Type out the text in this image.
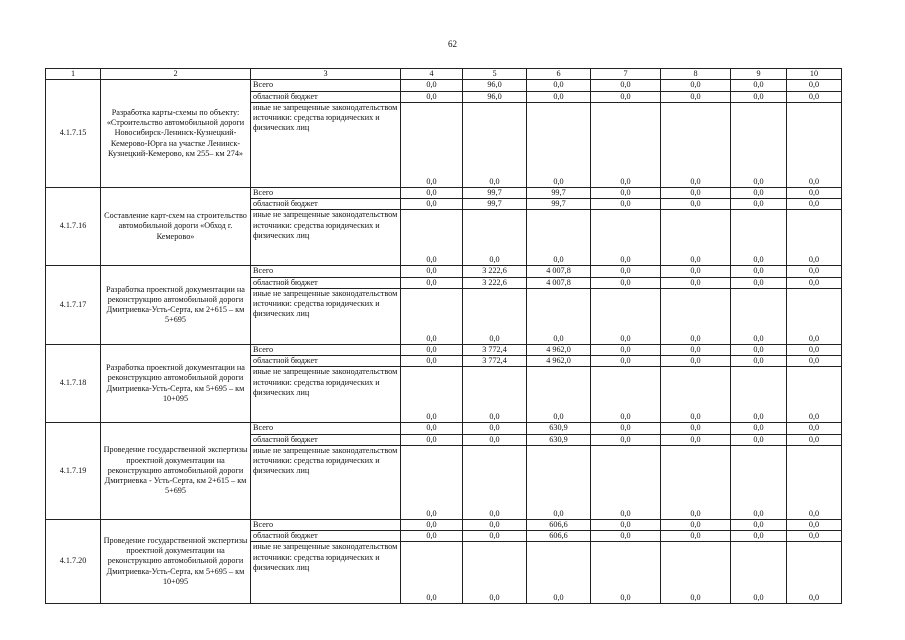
62
1	2	3	4	5	6	7	8	9	10
4.1.7.15	Разработка карты-схемы по объекту: «Строительство автомобильной дороги Новосибирск-Ленинск-Кузнецкий-Кемерово-Юрга на участке Ленинск-Кузнецкий-Кемерово, км 255– км 274»	Всего	0,0	96,0	0,0	0,0	0,0	0,0	0,0
		областной бюджет	0,0	96,0	0,0	0,0	0,0	0,0	0,0
		иные не запрещенные законодательством источники: средства юридических и физических лиц	0,0	0,0	0,0	0,0	0,0	0,0	0,0
4.1.7.16	Составление карт-схем на строительство автомобильной дороги «Обход г. Кемерово»	Всего	0,0	99,7	99,7	0,0	0,0	0,0	0,0
		областной бюджет	0,0	99,7	99,7	0,0	0,0	0,0	0,0
		иные не запрещенные законодательством источники: средства юридических и физических лиц	0,0	0,0	0,0	0,0	0,0	0,0	0,0
4.1.7.17	Разработка проектной документации на реконструкцию автомобильной дороги Дмитриевка-Усть-Серта, км 2+615 – км 5+695	Всего	0,0	3 222,6	4 007,8	0,0	0,0	0,0	0,0
		областной бюджет	0,0	3 222,6	4 007,8	0,0	0,0	0,0	0,0
		иные не запрещенные законодательством источники: средства юридических и физических лиц	0,0	0,0	0,0	0,0	0,0	0,0	0,0
4.1.7.18	Разработка проектной документации на реконструкцию автомобильной дороги Дмитриевка-Усть-Серта, км 5+695 – км 10+095	Всего	0,0	3 772,4	4 962,0	0,0	0,0	0,0	0,0
		областной бюджет	0,0	3 772,4	4 962,0	0,0	0,0	0,0	0,0
		иные не запрещенные законодательством источники: средства юридических и физических лиц	0,0	0,0	0,0	0,0	0,0	0,0	0,0
4.1.7.19	Проведение государственной экспертизы проектной документации на реконструкцию автомобильной дороги Дмитриевка - Усть-Серта, км 2+615 – км 5+695	Всего	0,0	0,0	630,9	0,0	0,0	0,0	0,0
		областной бюджет	0,0	0,0	630,9	0,0	0,0	0,0	0,0
		иные не запрещенные законодательством источники: средства юридических и физических лиц	0,0	0,0	0,0	0,0	0,0	0,0	0,0
4.1.7.20	Проведение государственной экспертизы проектной документации на реконструкцию автомобильной дороги Дмитриевка-Усть-Серта, км 5+695 – км 10+095	Всего	0,0	0,0	606,6	0,0	0,0	0,0	0,0
		областной бюджет	0,0	0,0	606,6	0,0	0,0	0,0	0,0
		иные не запрещенные законодательством источники: средства юридических и физических лиц	0,0	0,0	0,0	0,0	0,0	0,0	0,0
